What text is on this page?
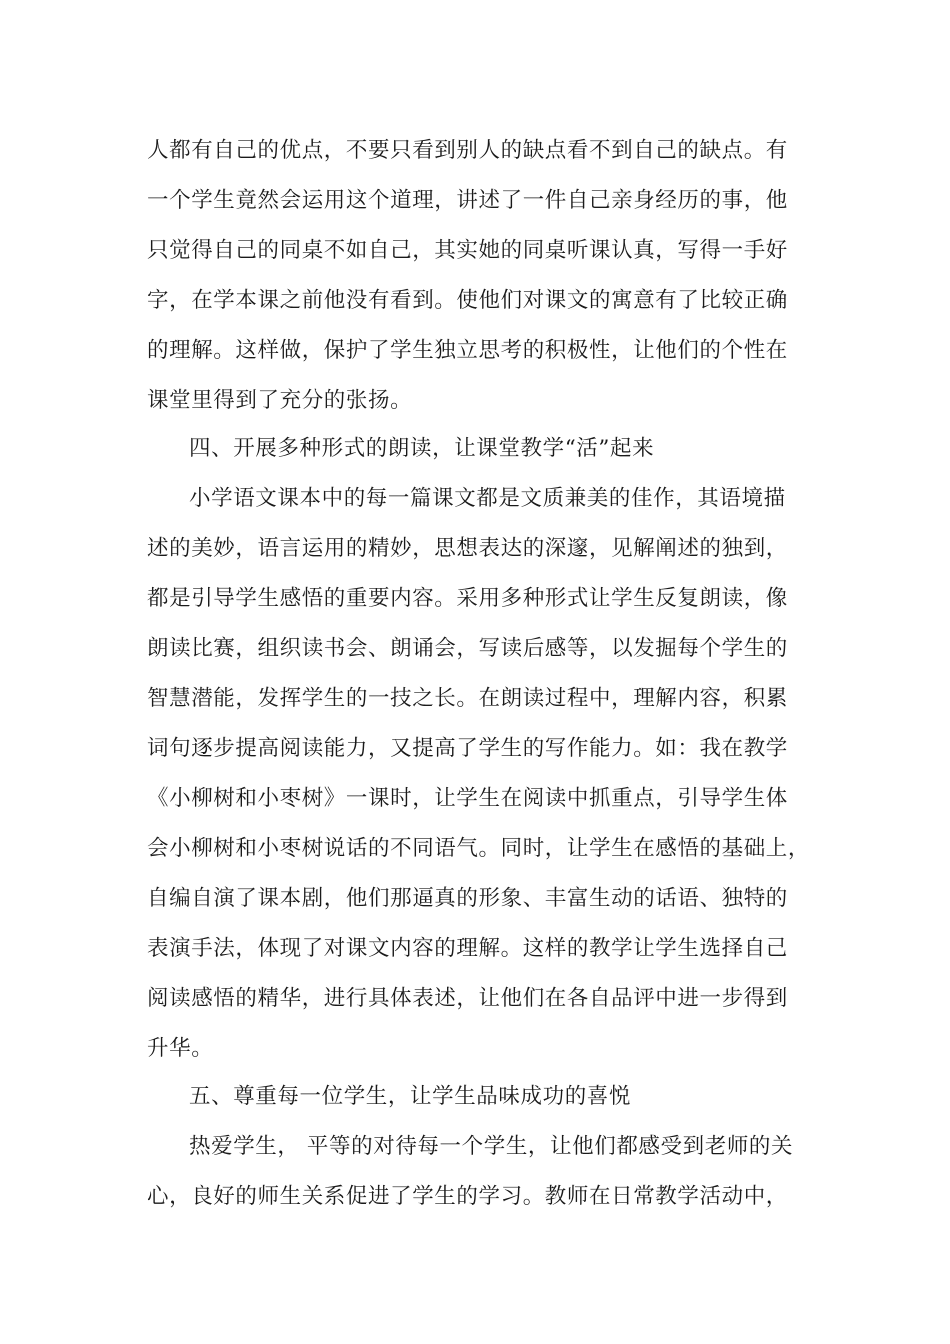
人都有自己的优点，不要只看到别人的缺点看不到自己的缺点。有
一个学生竟然会运用这个道理，讲述了一件自己亲身经历的事，他
只觉得自己的同桌不如自己，其实她的同桌听课认真，写得一手好
字，在学本课之前他没有看到。使他们对课文的寓意有了比较正确
的理解。这样做，保护了学生独立思考的积极性，让他们的个性在
课堂里得到了充分的张扬。
四、开展多种形式的朗读，让课堂教学“活”起来
小学语文课本中的每一篇课文都是文质兼美的佳作，其语境描
述的美妙，语言运用的精妙，思想表达的深邃，见解阐述的独到，
都是引导学生感悟的重要内容。采用多种形式让学生反复朗读，像
朗读比赛，组织读书会、朗诵会，写读后感等，以发掘每个学生的
智慧潜能，发挥学生的一技之长。在朗读过程中，理解内容，积累
词句逐步提高阅读能力，又提高了学生的写作能力。如：我在教学
《小柳树和小枣树》一课时，让学生在阅读中抓重点，引导学生体
会小柳树和小枣树说话的不同语气。同时，让学生在感悟的基础上，
自编自演了课本剧，他们那逼真的形象、丰富生动的话语、独特的
表演手法，体现了对课文内容的理解。这样的教学让学生选择自己
阅读感悟的精华，进行具体表述，让他们在各自品评中进一步得到
升华。
五、尊重每一位学生，让学生品味成功的喜悦
热爱学生， 平等的对待每一个学生，让他们都感受到老师的关
心，良好的师生关系促进了学生的学习。教师在日常教学活动中，
